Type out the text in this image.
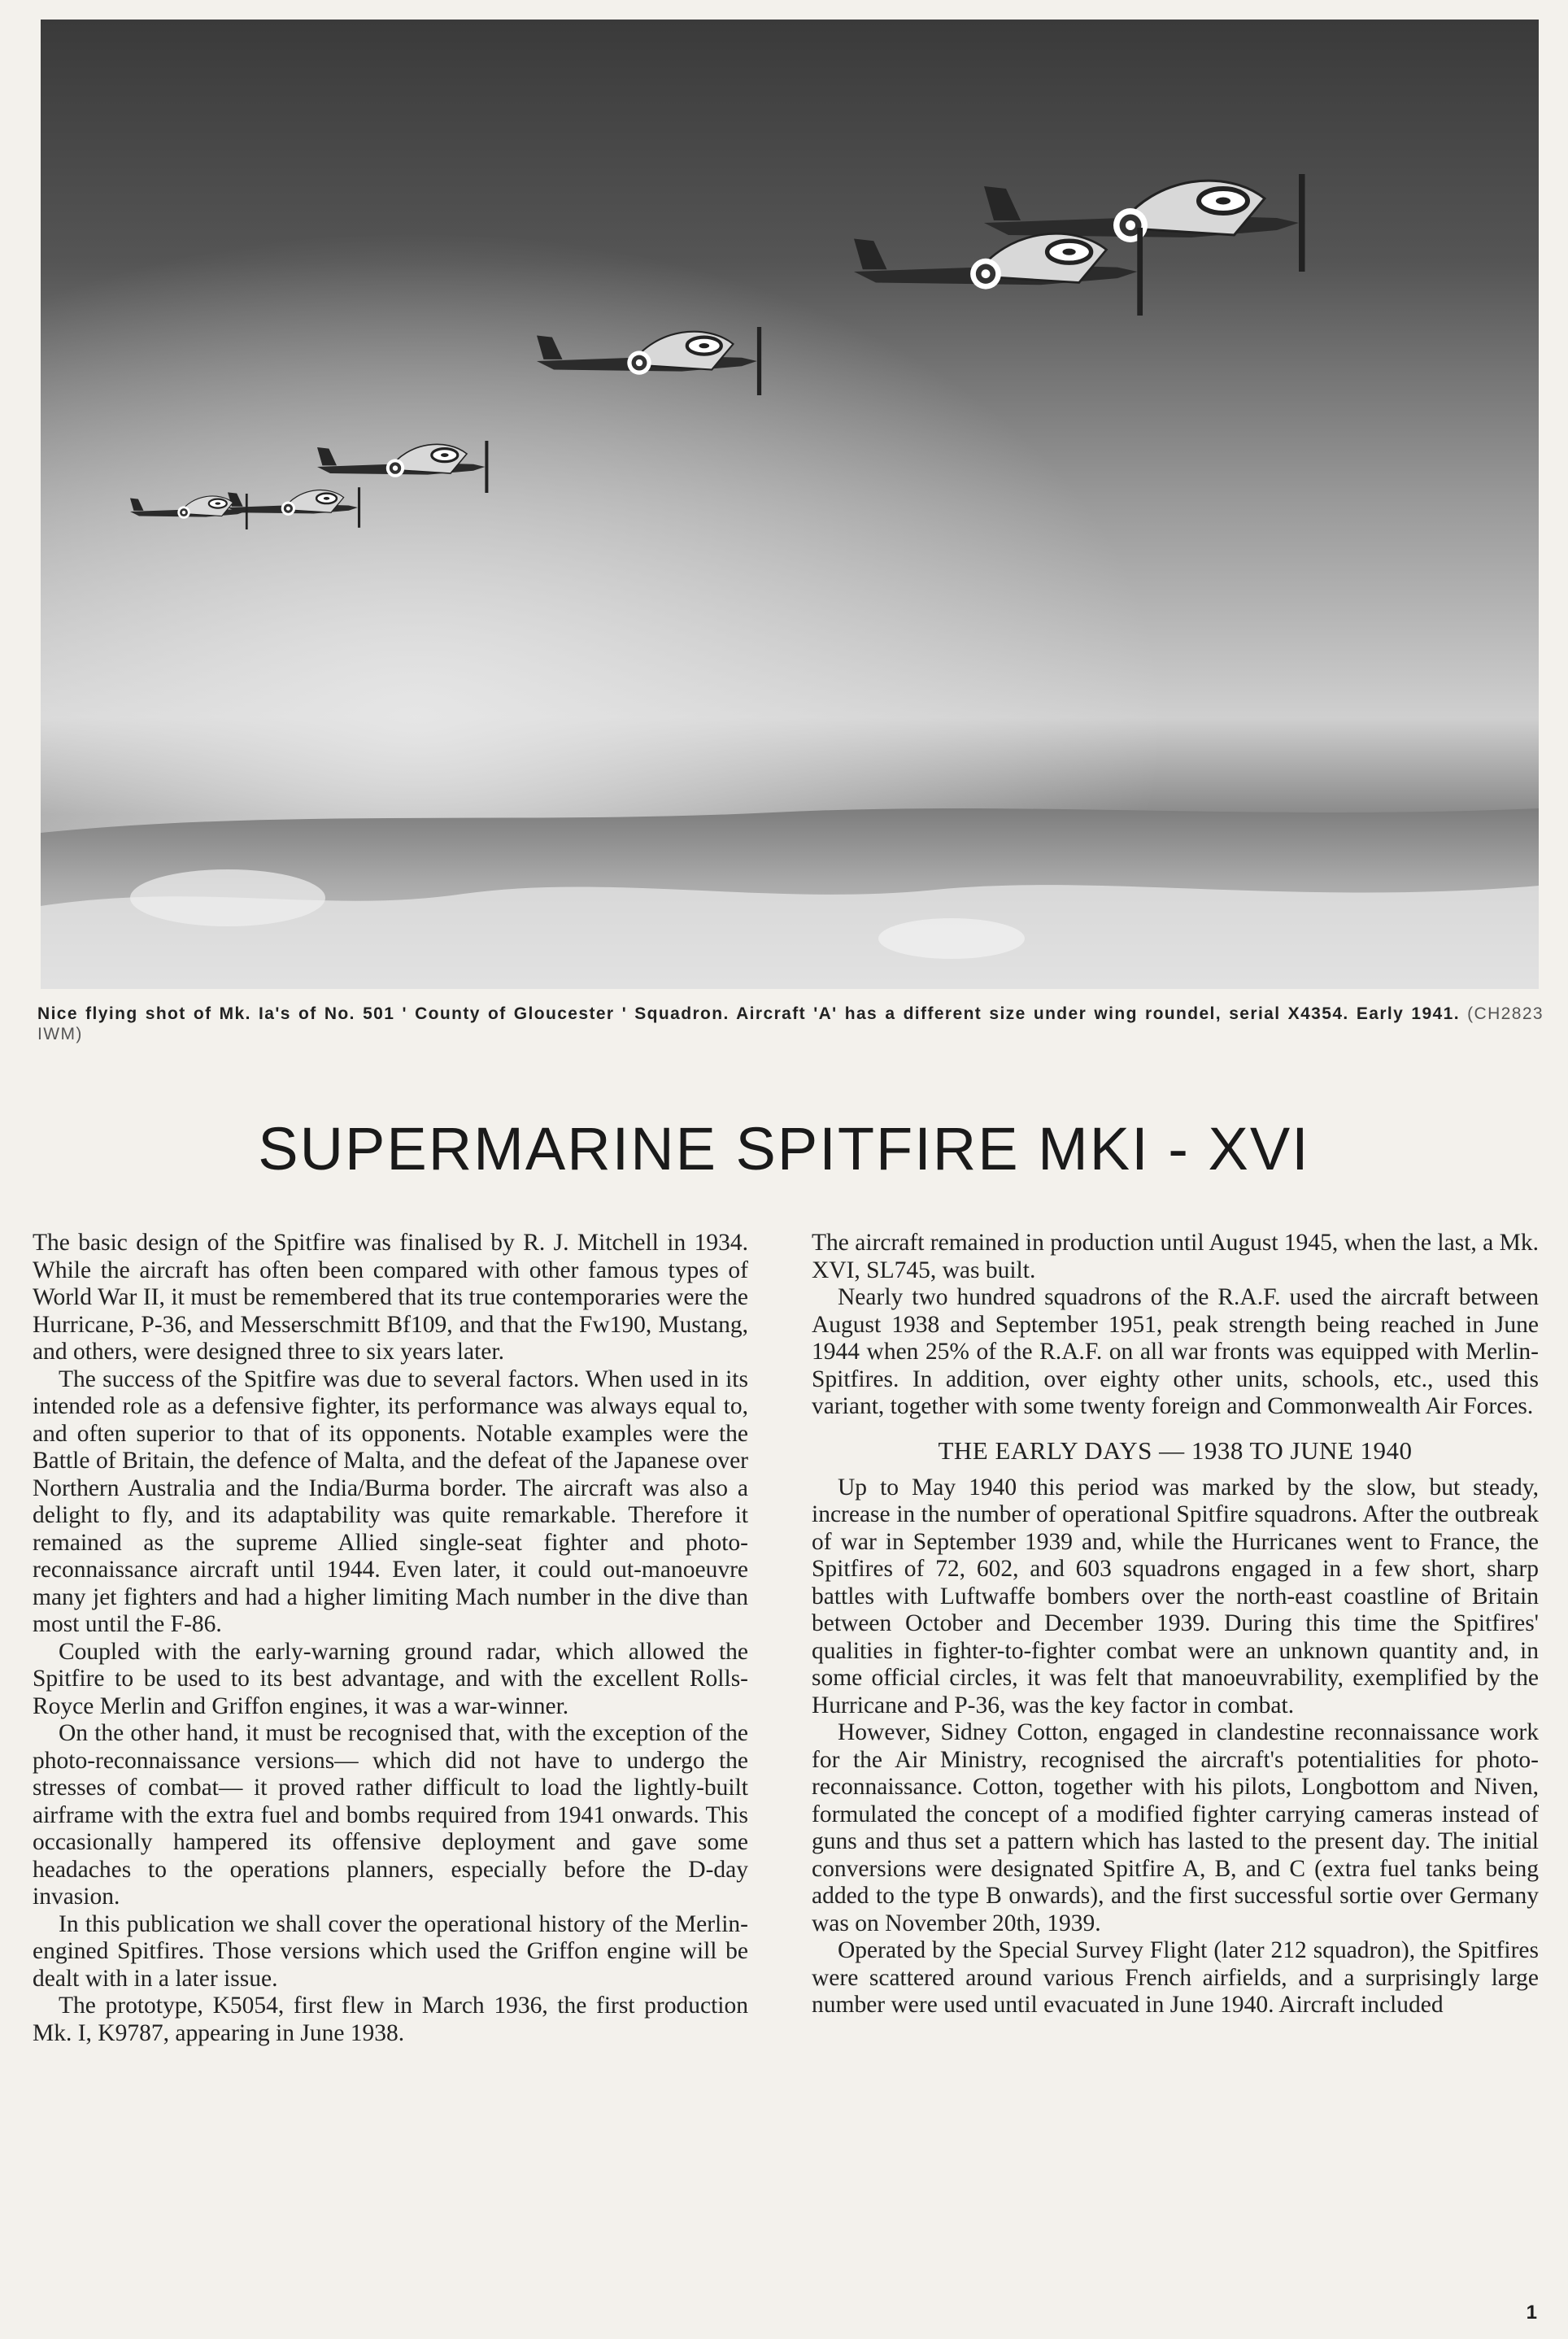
Nice flying shot of Mk. Ia's of No. 501 ' County of Gloucester ' Squadron. Aircraft 'A' has a different size under wing roundel, serial X4354. Early 1941. (CH2823 IWM)
SUPERMARINE SPITFIRE MKI - XVI

The basic design of the Spitfire was finalised by R. J. Mitchell in 1934. While the aircraft has often been compared with other famous types of World War II, it must be remembered that its true contemporaries were the Hurricane, P-36, and Messerschmitt Bf109, and that the Fw190, Mustang, and others, were designed three to six years later.

The success of the Spitfire was due to several factors. When used in its intended role as a defensive fighter, its performance was always equal to, and often superior to that of its opponents. Notable examples were the Battle of Britain, the defence of Malta, and the defeat of the Japanese over Northern Australia and the India/Burma border. The aircraft was also a delight to fly, and its adaptability was quite remarkable. Therefore it remained as the supreme Allied single-seat fighter and photo-reconnaissance aircraft until 1944. Even later, it could out-manoeuvre many jet fighters and had a higher limiting Mach number in the dive than most until the F-86.

Coupled with the early-warning ground radar, which allowed the Spitfire to be used to its best advantage, and with the excellent Rolls-Royce Merlin and Griffon engines, it was a war-winner.

On the other hand, it must be recognised that, with the exception of the photo-reconnaissance versions— which did not have to undergo the stresses of combat— it proved rather difficult to load the lightly-built airframe with the extra fuel and bombs required from 1941 onwards. This occasionally hampered its offensive deployment and gave some headaches to the operations planners, especially before the D-day invasion.

In this publication we shall cover the operational history of the Merlin-engined Spitfires. Those versions which used the Griffon engine will be dealt with in a later issue.

The prototype, K5054, first flew in March 1936, the first production Mk. I, K9787, appearing in June 1938.

The aircraft remained in production until August 1945, when the last, a Mk. XVI, SL745, was built.

Nearly two hundred squadrons of the R.A.F. used the aircraft between August 1938 and September 1951, peak strength being reached in June 1944 when 25% of the R.A.F. on all war fronts was equipped with Merlin-Spitfires. In addition, over eighty other units, schools, etc., used this variant, together with some twenty foreign and Commonwealth Air Forces.

THE EARLY DAYS — 1938 TO JUNE 1940

Up to May 1940 this period was marked by the slow, but steady, increase in the number of operational Spitfire squadrons. After the outbreak of war in September 1939 and, while the Hurricanes went to France, the Spitfires of 72, 602, and 603 squadrons engaged in a few short, sharp battles with Luftwaffe bombers over the north-east coastline of Britain between October and December 1939. During this time the Spitfires' qualities in fighter-to-fighter combat were an unknown quantity and, in some official circles, it was felt that manoeuvrability, exemplified by the Hurricane and P-36, was the key factor in combat.

However, Sidney Cotton, engaged in clandestine reconnaissance work for the Air Ministry, recognised the aircraft's potentialities for photo-reconnaissance. Cotton, together with his pilots, Longbottom and Niven, formulated the concept of a modified fighter carrying cameras instead of guns and thus set a pattern which has lasted to the present day. The initial conversions were designated Spitfire A, B, and C (extra fuel tanks being added to the type B onwards), and the first successful sortie over Germany was on November 20th, 1939.

Operated by the Special Survey Flight (later 212 squadron), the Spitfires were scattered around various French airfields, and a surprisingly large number were used until evacuated in June 1940. Aircraft included

1
